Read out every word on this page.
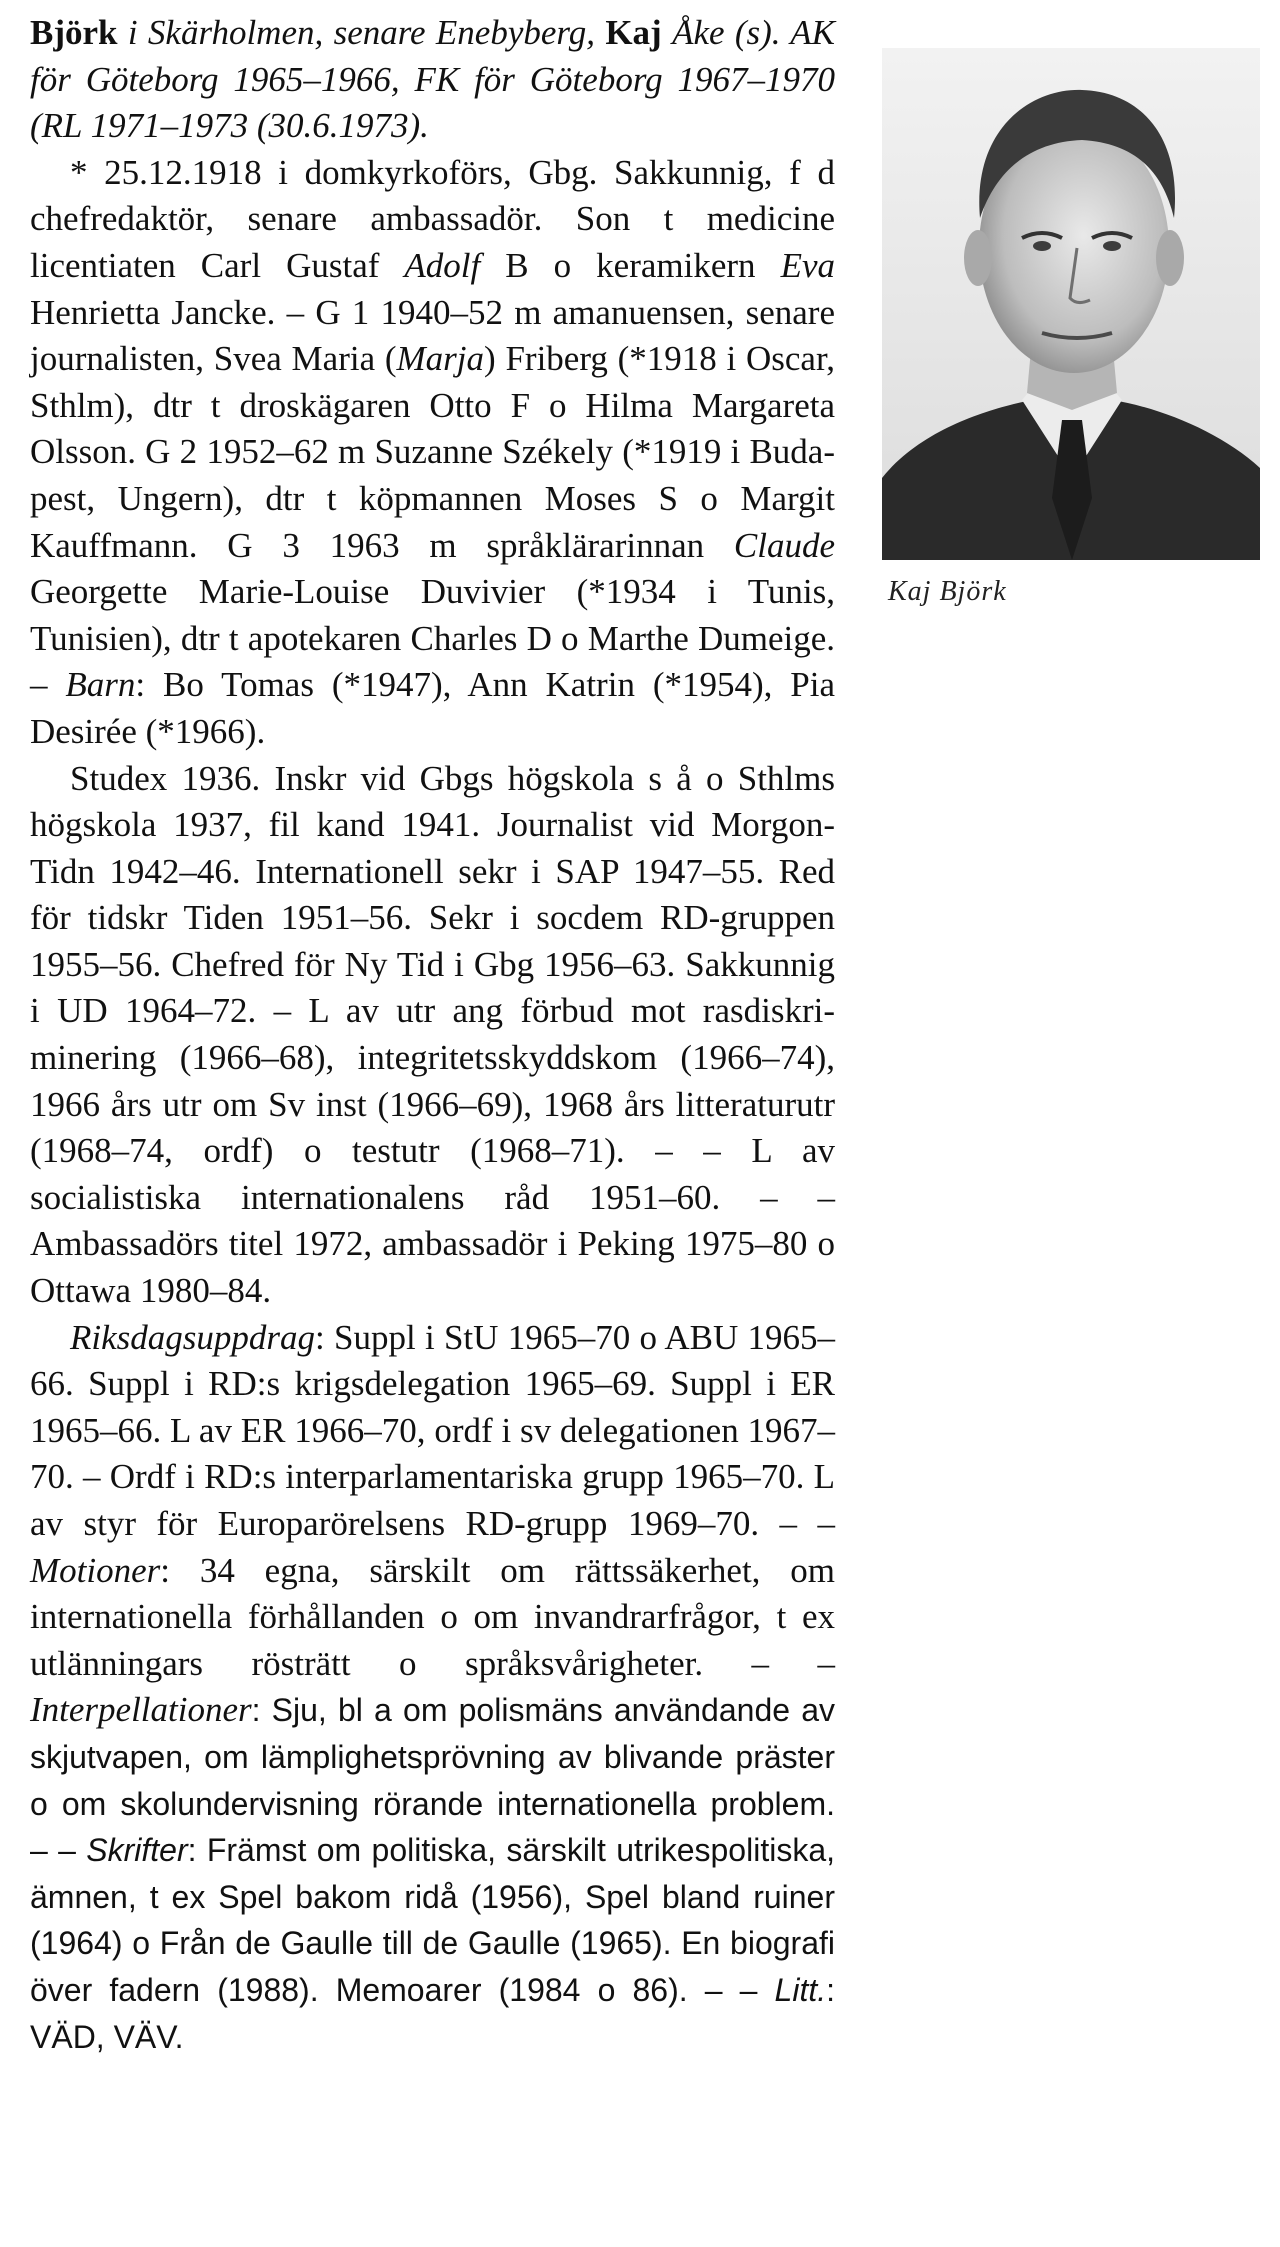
Björk i Skärholmen, senare Enebyberg, Kaj Åke (s). AK för Göteborg 1965–1966, FK för Göteborg 1967–1970 (RL 1971–1973 (30.6.1973).

* 25.12.1918 i domkyrkoförs, Gbg. Sakkunnig, f d chefredaktör, senare ambassadör. Son t medicine licentiaten Carl Gustaf Adolf B o keramikern Eva Henrietta Jancke. – G 1 1940–52 m amanuensen, senare journalisten, Svea Maria (Marja) Friberg (*1918 i Oscar, Sthlm), dtr t droskägaren Otto F o Hilma Margareta Olsson. G 2 1952–62 m Suzanne Székely (*1919 i Budapest, Ungern), dtr t köpmannen Moses S o Margit Kauffmann. G 3 1963 m språklärarinnan Claude Georgette Marie-Louise Duvivier (*1934 i Tunis, Tunisien), dtr t apotekaren Charles D o Marthe Dumeige. – Barn: Bo Tomas (*1947), Ann Katrin (*1954), Pia Desirée (*1966).

Studex 1936. Inskr vid Gbgs högskola s å o Sthlms högskola 1937, fil kand 1941. Journalist vid Morgon-Tidn 1942–46. Internationell sekr i SAP 1947–55. Red för tidskr Tiden 1951–56. Sekr i socdem RD-gruppen 1955–56. Chefred för Ny Tid i Gbg 1956–63. Sakkunnig i UD 1964–72. – L av utr ang förbud mot rasdiskriminering (1966–68), integritetsskyddskom (1966–74), 1966 års utr om Sv inst (1966–69), 1968 års litteraturutr (1968–74, ordf) o testutr (1968–71). – – L av socialistiska internationalens råd 1951–60. – – Ambassadörs titel 1972, ambassadör i Peking 1975–80 o Ottawa 1980–84.

Riksdagsuppdrag: Suppl i StU 1965–70 o ABU 1965–66. Suppl i RD:s krigsdelegation 1965–69. Suppl i ER 1965–66. L av ER 1966–70, ordf i sv delegationen 1967–70. – Ordf i RD:s interparlamentariska grupp 1965–70. L av styr för Europarörelsens RD-grupp 1969–70. – – Motioner: 34 egna, särskilt om rättssäkerhet, om internationella förhållanden o om invandrarfrågor, t ex utlänningars rösträtt o språksvårigheter. – – Interpellationer: Sju, bl a om polismäns användande av skjutvapen, om lämplighetsprövning av blivande präster o om skolundervisning rörande internationella problem. – – Skrifter: Främst om politiska, särskilt utrikespolitiska, ämnen, t ex Spel bakom ridå (1956), Spel bland ruiner (1964) o Från de Gaulle till de Gaulle (1965). En biografi över fadern (1988). Memoarer (1984 o 86). – – Litt.: VÄD, VÄV.

Kaj Björk
